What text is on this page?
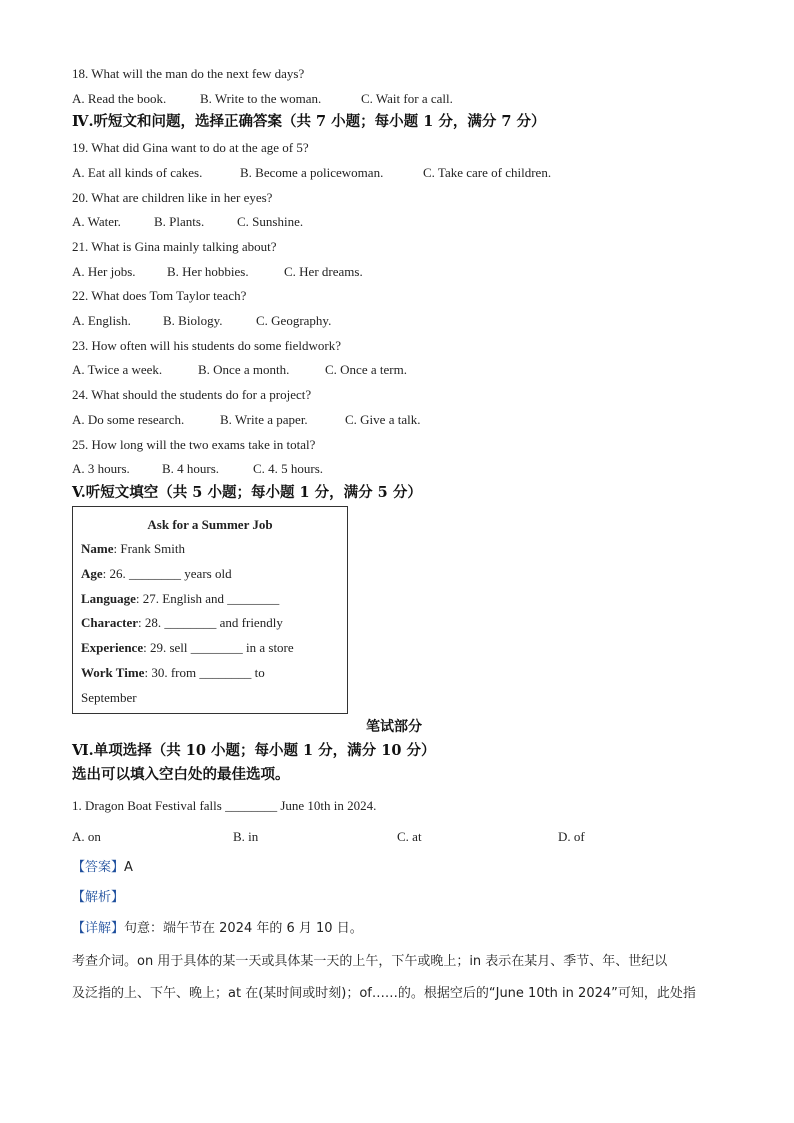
18. What will the man do the next few days?
A. Read the book.	B. Write to the woman.	C. Wait for a call.
Ⅳ.听短文和问题，选择正确答案（共 7 小题；每小题 1 分，满分 7 分）
19. What did Gina want to do at the age of 5?
A. Eat all kinds of cakes.	B. Become a policewoman.	C. Take care of children.
20. What are children like in her eyes?
A. Water.	B. Plants.	C. Sunshine.
21. What is Gina mainly talking about?
A. Her jobs. B. Her hobbies.	C. Her dreams.
22. What does Tom Taylor teach?
A. English. B. Biology.	C. Geography.
23. How often will his students do some fieldwork?
A. Twice a week.	B. Once a month.	C. Once a term.
24. What should the students do for a project?
A. Do some research.	B. Write a paper.	C. Give a talk.
25. How long will the two exams take in total?
A. 3 hours. B. 4 hours.	C. 4. 5 hours.
V.听短文填空（共 5 小题；每小题 1 分，满分 5 分）
Ask for a Summer Job
Name: Frank Smith
Age: 26. ________ years old
Language: 27. English and ________
Character: 28. ________ and friendly
Experience: 29. sell ________ in a store
Work Time: 30. from ________ to
September
笔试部分
Ⅵ.单项选择（共 10 小题；每小题 1 分，满分 10 分）
选出可以填入空白处的最佳选项。
1. Dragon Boat Festival falls ________ June 10th in 2024.
A. on	B. in	C. at	D. of
【答案】A
【解析】
【详解】句意：端午节在 2024 年的 6 月 10 日。
考查介词。on 用于具体的某一天或具体某一天的上午，下午或晚上；in 表示在某月、季节、年、世纪以
及泛指的上、下午、晚上；at 在(某时间或时刻)；of……的。根据空后的“June 10th in 2024”可知，此处指
